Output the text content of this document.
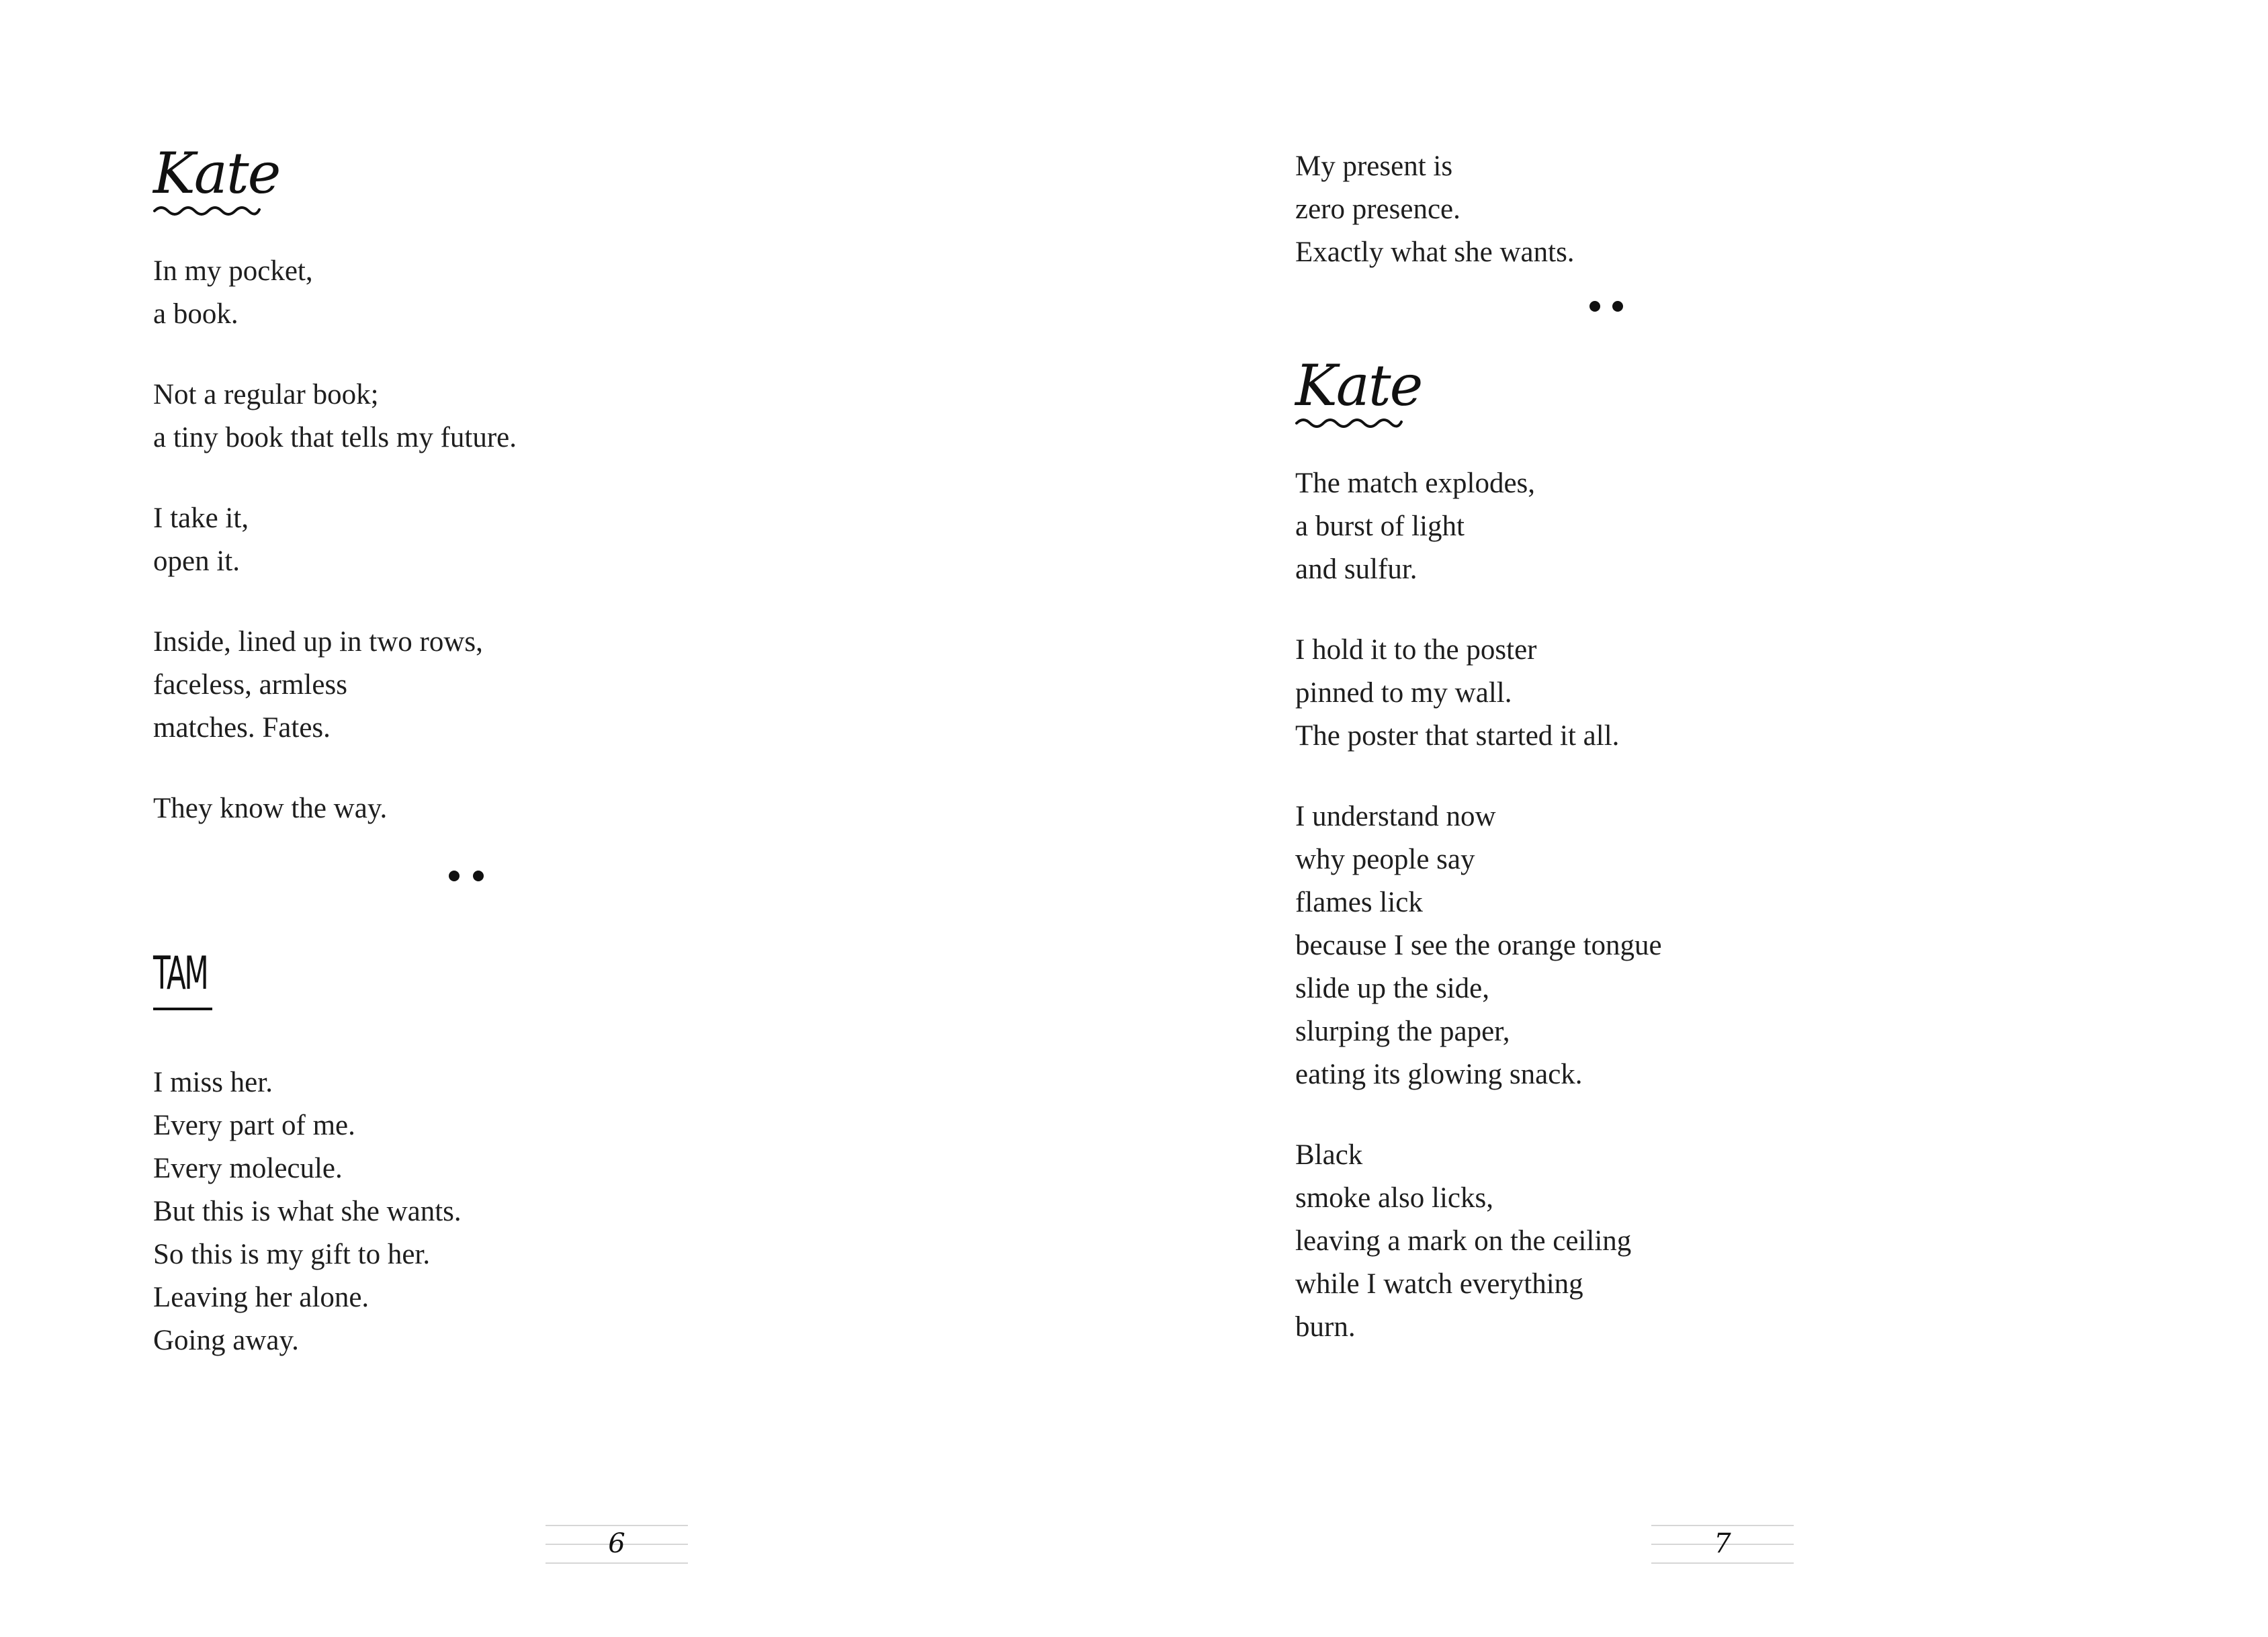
Kate
In my pocket,
a book.
Not a regular book;
a tiny book that tells my future.
I take it,
open it.
Inside, lined up in two rows,
faceless, armless
matches. Fates.
They know the way.
TAM
I miss her.
Every part of me.
Every molecule.
But this is what she wants.
So this is my gift to her.
Leaving her alone.
Going away.
6
My present is
zero presence.
Exactly what she wants.
Kate
The match explodes,
a burst of light
and sulfur.
I hold it to the poster
pinned to my wall.
The poster that started it all.
I understand now
why people say
flames lick
because I see the orange tongue
slide up the side,
slurping the paper,
eating its glowing snack.
Black
smoke also licks,
leaving a mark on the ceiling
while I watch everything
burn.
7
